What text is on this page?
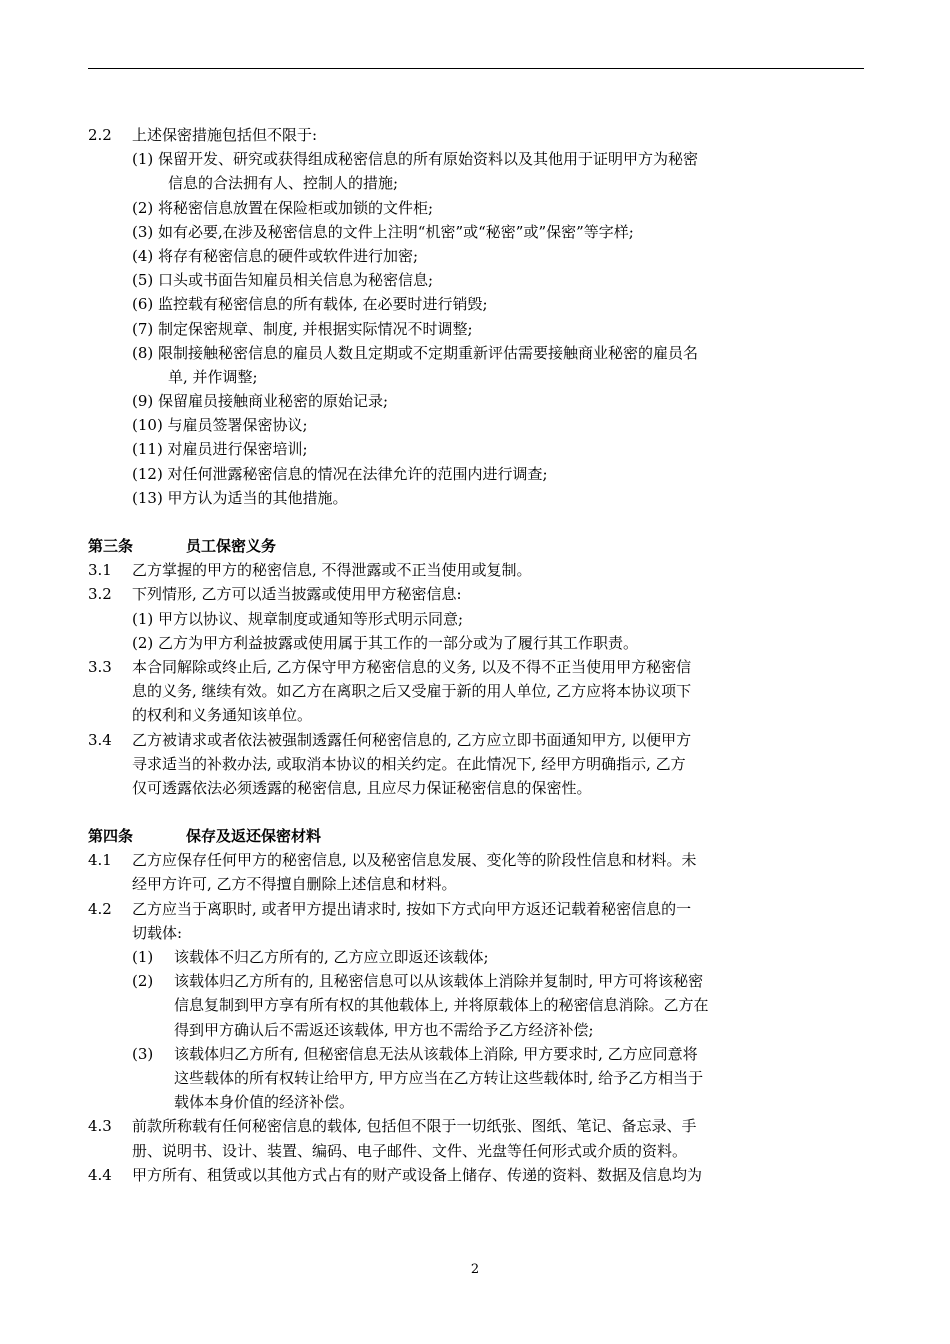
2.2 上述保密措施包括但不限于:
(1) 保留开发、研究或获得组成秘密信息的所有原始资料以及其他用于证明甲方为秘密
信息的合法拥有人、控制人的措施;
(2) 将秘密信息放置在保险柜或加锁的文件柜;
(3) 如有必要,在涉及秘密信息的文件上注明“机密”或“秘密”或”保密”等字样;
(4) 将存有秘密信息的硬件或软件进行加密;
(5) 口头或书面告知雇员相关信息为秘密信息;
(6) 监控载有秘密信息的所有载体, 在必要时进行销毁;
(7) 制定保密规章、制度, 并根据实际情况不时调整;
(8) 限制接触秘密信息的雇员人数且定期或不定期重新评估需要接触商业秘密的雇员名
单, 并作调整;
(9) 保留雇员接触商业秘密的原始记录;
(10) 与雇员签署保密协议;
(11) 对雇员进行保密培训;
(12) 对任何泄露秘密信息的情况在法律允许的范围内进行调查;
(13) 甲方认为适当的其他措施。
第三条	员工保密义务
3.1 乙方掌握的甲方的秘密信息, 不得泄露或不正当使用或复制。
3.2 下列情形, 乙方可以适当披露或使用甲方秘密信息:
(1) 甲方以协议、规章制度或通知等形式明示同意;
(2) 乙方为甲方利益披露或使用属于其工作的一部分或为了履行其工作职责。
3.3 本合同解除或终止后, 乙方保守甲方秘密信息的义务, 以及不得不正当使用甲方秘密信
息的义务, 继续有效。如乙方在离职之后又受雇于新的用人单位, 乙方应将本协议项下
的权利和义务通知该单位。
3.4 乙方被请求或者依法被强制透露任何秘密信息的, 乙方应立即书面通知甲方, 以便甲方
寻求适当的补救办法, 或取消本协议的相关约定。在此情况下, 经甲方明确指示, 乙方
仅可透露依法必须透露的秘密信息, 且应尽力保证秘密信息的保密性。
第四条	保存及返还保密材料
4.1 乙方应保存任何甲方的秘密信息, 以及秘密信息发展、变化等的阶段性信息和材料。未
经甲方许可, 乙方不得擅自删除上述信息和材料。
4.2 乙方应当于离职时, 或者甲方提出请求时, 按如下方式向甲方返还记载着秘密信息的一
切载体:
(1) 该载体不归乙方所有的, 乙方应立即返还该载体;
(2) 该载体归乙方所有的, 且秘密信息可以从该载体上消除并复制时, 甲方可将该秘密
信息复制到甲方享有所有权的其他载体上, 并将原载体上的秘密信息消除。乙方在
得到甲方确认后不需返还该载体, 甲方也不需给予乙方经济补偿;
(3) 该载体归乙方所有, 但秘密信息无法从该载体上消除, 甲方要求时, 乙方应同意将
这些载体的所有权转让给甲方, 甲方应当在乙方转让这些载体时, 给予乙方相当于
载体本身价值的经济补偿。
4.3 前款所称载有任何秘密信息的载体, 包括但不限于一切纸张、图纸、笔记、备忘录、手
册、说明书、设计、装置、编码、电子邮件、文件、光盘等任何形式或介质的资料。
4.4 甲方所有、租赁或以其他方式占有的财产或设备上储存、传递的资料、数据及信息均为
2
